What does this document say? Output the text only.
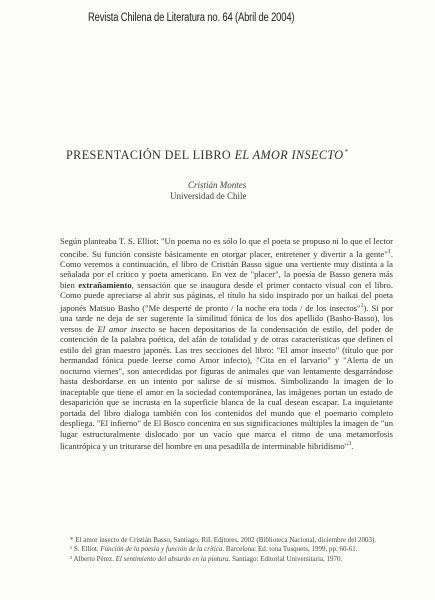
Revista Chilena de Literatura no. 64 (Abril de 2004)
PRESENTACIÓN DEL LIBRO EL AMOR INSECTO*
Cristián Montes
Universidad de Chile

Según planteaba T. S. Elliot: "Un poema no es sólo lo que el poeta se propuso ni lo que el lector concibe. Su función consiste básicamente en otorgar placer, entretener y divertir a la gente"$^1$. Como veremos a continuación, el libro de Cristián Basso sigue una vertiente muy distinta a la señalada por el crítico y poeta americano. En vez de "placer", la poesía de Basso genera más bien extrañamiento, sensación que se inaugura desde el primer contacto visual con el libro. Como puede apreciarse al abrir sus páginas, el título ha sido inspirado por un haikai del poeta japonés Matsuo Basho ("Me desperté de pronto / la noche era toda / de los insectos"$^1$). Si por una tarde ne deja de ser sugerente la similitud fónica de los dos apellido (Basho-Basso), los versos de El amor insecto se hacen depositarios de la condensación de estilo, del poder de contención de la palabra poética, del afán de totalidad y de otras características que definen el estilo del gran maestro japonés. Las tres secciones del libro: "El amor insecto" (título que por hermandad fónica puede leerse como Amor infecto), "Cita en el larvario" y "Alerta de un nocturno viernes", son antecedidas por figuras de animales que van lentamente desgarrándose hasta desbordarse en un intento por salirse de sí mismos. Simbolizando la imagen de lo inaceptable que tiene el amor en la sociedad contemporánea, las imágenes portan un estado de desaparición que se incrusta en la superficie blanca de la cual desean escapar. La inquietante portada del libro dialoga también con los contenidos del mundo que el poemario completo despliega. "El infierno" de El Bosco concentra en sus significaciones múltiples la imagen de "un lugar estructuralmente dislocado por un vacío que marca el ritmo de una metamorfosis licantrópica y un triturarse del hombre en una pesadilla de interminable hibridismo"$^3$.

* El amor insecto de Cristián Basso, Santiago, RiL Editores, 2002 (Biblioteca Nacional, diciembre del 2003).

¹ S. Elliot. Función de la poesía y función de la crítica. Barcelona: Ed. tona Tusquets, 1999, pp. 60-61.

² Alberto Pérez. El sentimiento del absurdo en la pintura. Santiago: Editorial Universitaria, 1970.
